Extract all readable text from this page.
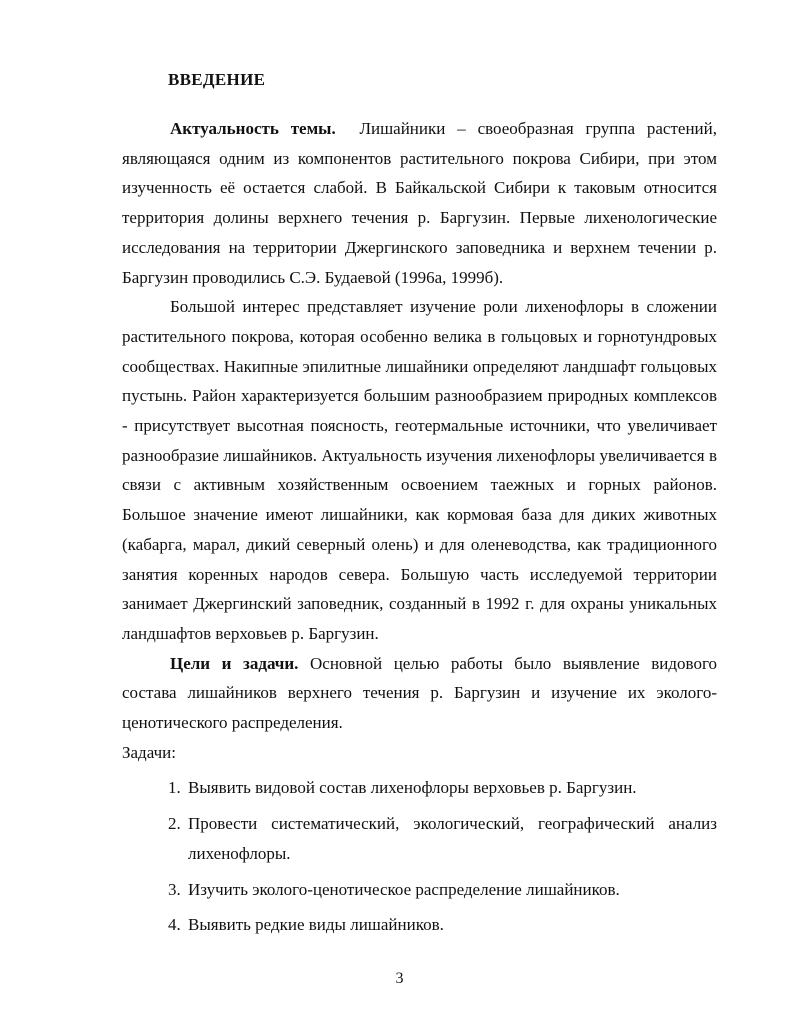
ВВЕДЕНИЕ

Актуальность темы. Лишайники – своеобразная группа растений, являющаяся одним из компонентов растительного покрова Сибири, при этом изученность её остается слабой. В Байкальской Сибири к таковым относится территория долины верхнего течения р. Баргузин. Первые лихенологические исследования на территории Джергинского заповедника и верхнем течении р. Баргузин проводились С.Э. Будаевой (1996а, 1999б).

Большой интерес представляет изучение роли лихенофлоры в сложении растительного покрова, которая особенно велика в гольцовых и горнотундровых сообществах. Накипные эпилитные лишайники определяют ландшафт гольцовых пустынь. Район характеризуется большим разнообразием природных комплексов - присутствует высотная поясность, геотермальные источники, что увеличивает разнообразие лишайников. Актуальность изучения лихенофлоры увеличивается в связи с активным хозяйственным освоением таежных и горных районов. Большое значение имеют лишайники, как кормовая база для диких животных (кабарга, марал, дикий северный олень) и для оленеводства, как традиционного занятия коренных народов севера. Большую часть исследуемой территории занимает Джергинский заповедник, созданный в 1992 г. для охраны уникальных ландшафтов верховьев р. Баргузин.

Цели и задачи. Основной целью работы было выявление видового состава лишайников верхнего течения р. Баргузин и изучение их эколого-ценотического распределения.

Задачи:

1. Выявить видовой состав лихенофлоры верховьев р. Баргузин.
2. Провести систематический, экологический, географический анализ лихенофлоры.
3. Изучить эколого-ценотическое распределение лишайников.
4. Выявить редкие виды лишайников.
3
